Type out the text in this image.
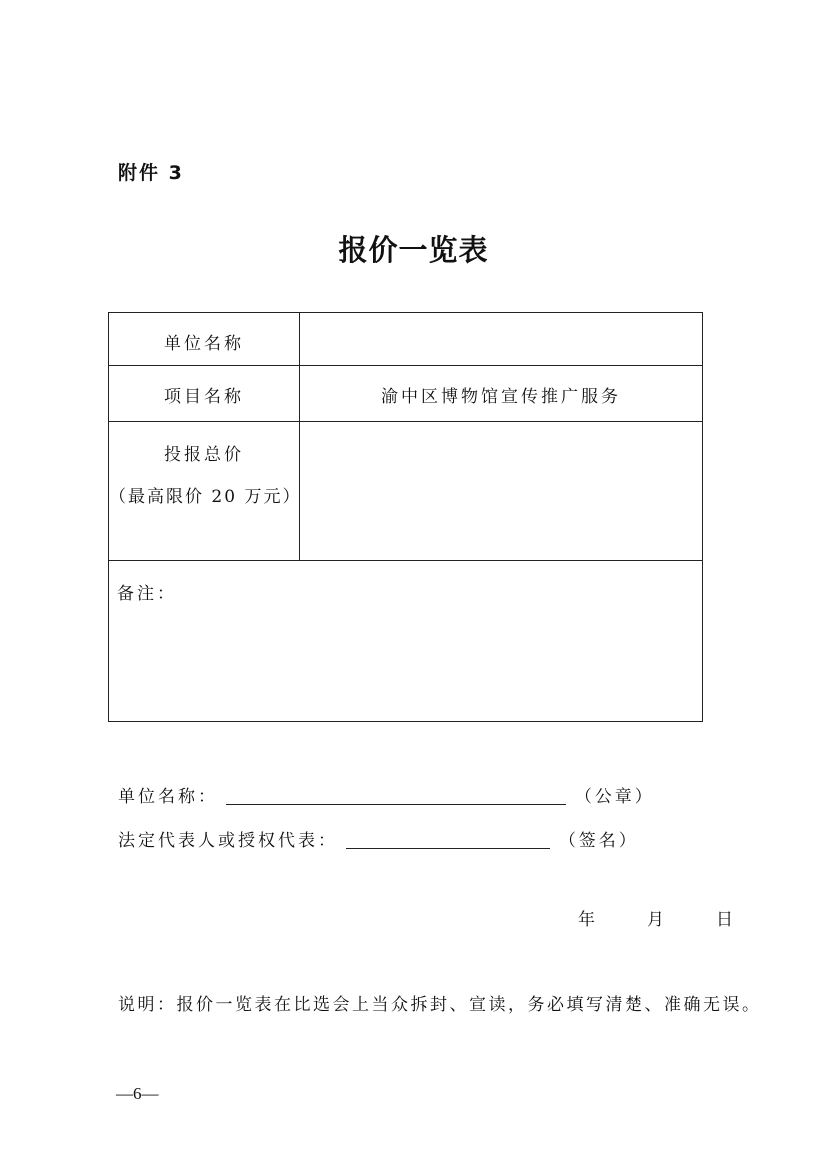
附件 3
报价一览表
单位名称
项目名称	渝中区博物馆宣传推广服务
投报总价
（最高限价 20 万元）
备注：
单位名称：	（公章）
法定代表人或授权代表：	（签名）
年	月	日
说明：报价一览表在比选会上当众拆封、宣读，务必填写清楚、准确无误。
—6—
